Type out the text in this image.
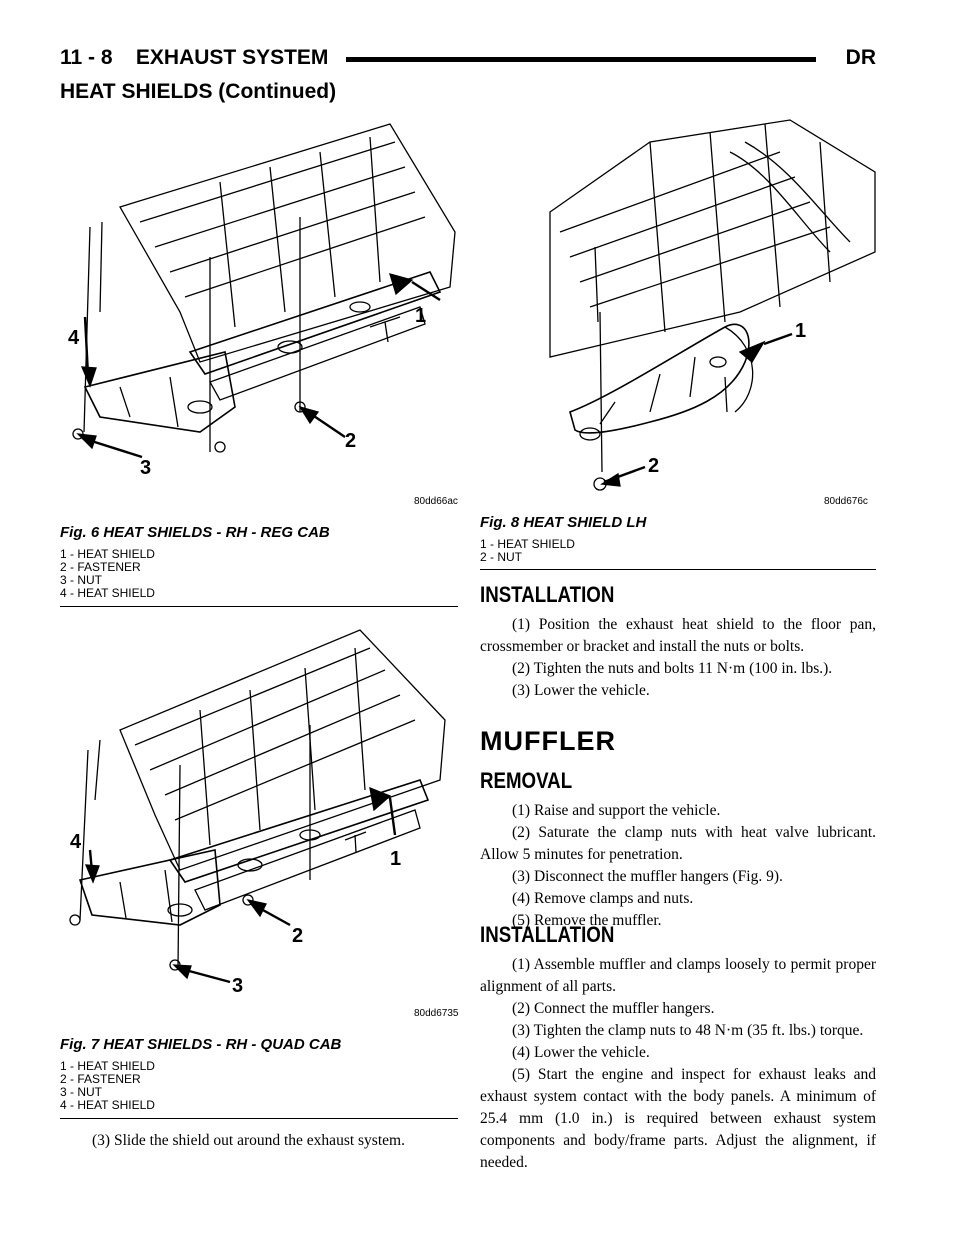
11 - 8 EXHAUST SYSTEM	DR
HEAT SHIELDS (Continued)
1
2
3
4
80dd66ac
Fig. 6 HEAT SHIELDS - RH - REG CAB
1 - HEAT SHIELD
2 - FASTENER
3 - NUT
4 - HEAT SHIELD
1
2
3
4
80dd6735
Fig. 7 HEAT SHIELDS - RH - QUAD CAB
1 - HEAT SHIELD
2 - FASTENER
3 - NUT
4 - HEAT SHIELD

(3) Slide the shield out around the exhaust system.

1
2
80dd676c
Fig. 8 HEAT SHIELD LH
1 - HEAT SHIELD
2 - NUT
INSTALLATION

(1) Position the exhaust heat shield to the floor pan, crossmember or bracket and install the nuts or bolts.

(2) Tighten the nuts and bolts 11 N·m (100 in. lbs.).

(3) Lower the vehicle.

MUFFLER
REMOVAL

(1) Raise and support the vehicle.

(2) Saturate the clamp nuts with heat valve lubricant. Allow 5 minutes for penetration.

(3) Disconnect the muffler hangers (Fig. 9).

(4) Remove clamps and nuts.

(5) Remove the muffler.

INSTALLATION

(1) Assemble muffler and clamps loosely to permit proper alignment of all parts.

(2) Connect the muffler hangers.

(3) Tighten the clamp nuts to 48 N·m (35 ft. lbs.) torque.

(4) Lower the vehicle.

(5) Start the engine and inspect for exhaust leaks and exhaust system contact with the body panels. A minimum of 25.4 mm (1.0 in.) is required between exhaust system components and body/frame parts. Adjust the alignment, if needed.
